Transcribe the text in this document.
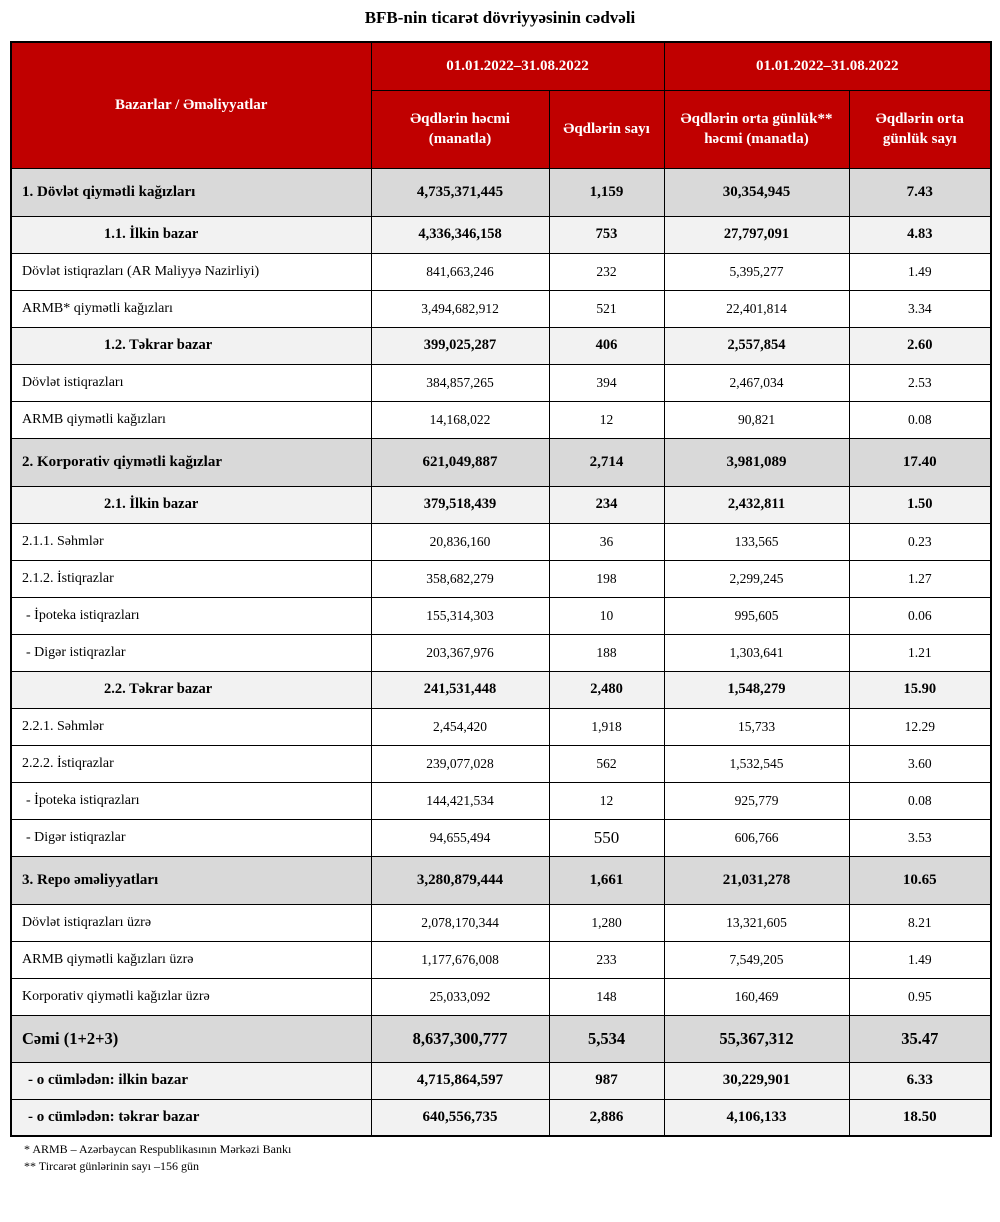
BFB-nin ticarət dövriyyəsinin cədvəli
Bazarlar / Əməliyyatlar	01.01.2022–31.08.2022		01.01.2022–31.08.2022	
	Əqdlərin həcmi (manatla)	Əqdlərin sayı	Əqdlərin orta günlük** həcmi (manatla)	Əqdlərin orta günlük sayı
1. Dövlət qiymətli kağızları	4,735,371,445	1,159	30,354,945	7.43
1.1. İlkin bazar	4,336,346,158	753	27,797,091	4.83
Dövlət istiqrazları (AR Maliyyə Nazirliyi)	841,663,246	232	5,395,277	1.49
ARMB* qiymətli kağızları	3,494,682,912	521	22,401,814	3.34
1.2. Təkrar bazar	399,025,287	406	2,557,854	2.60
Dövlət istiqrazları	384,857,265	394	2,467,034	2.53
ARMB qiymətli kağızları	14,168,022	12	90,821	0.08
2. Korporativ qiymətli kağızlar	621,049,887	2,714	3,981,089	17.40
2.1. İlkin bazar	379,518,439	234	2,432,811	1.50
2.1.1. Səhmlər	20,836,160	36	133,565	0.23
2.1.2. İstiqrazlar	358,682,279	198	2,299,245	1.27
- İpoteka istiqrazları	155,314,303	10	995,605	0.06
- Digər istiqrazlar	203,367,976	188	1,303,641	1.21
2.2. Təkrar bazar	241,531,448	2,480	1,548,279	15.90
2.2.1. Səhmlər	2,454,420	1,918	15,733	12.29
2.2.2. İstiqrazlar	239,077,028	562	1,532,545	3.60
- İpoteka istiqrazları	144,421,534	12	925,779	0.08
- Digər istiqrazlar	94,655,494	550	606,766	3.53
3. Repo əməliyyatları	3,280,879,444	1,661	21,031,278	10.65
Dövlət istiqrazları üzrə	2,078,170,344	1,280	13,321,605	8.21
ARMB qiymətli kağızları üzrə	1,177,676,008	233	7,549,205	1.49
Korporativ qiymətli kağızlar üzrə	25,033,092	148	160,469	0.95
Cəmi (1+2+3)	8,637,300,777	5,534	55,367,312	35.47
- o cümlədən: ilkin bazar	4,715,864,597	987	30,229,901	6.33
- o cümlədən: təkrar bazar	640,556,735	2,886	4,106,133	18.50
* ARMB – Azərbaycan Respublikasının Mərkəzi Bankı
** Tircarət günlərinin sayı –156 gün
